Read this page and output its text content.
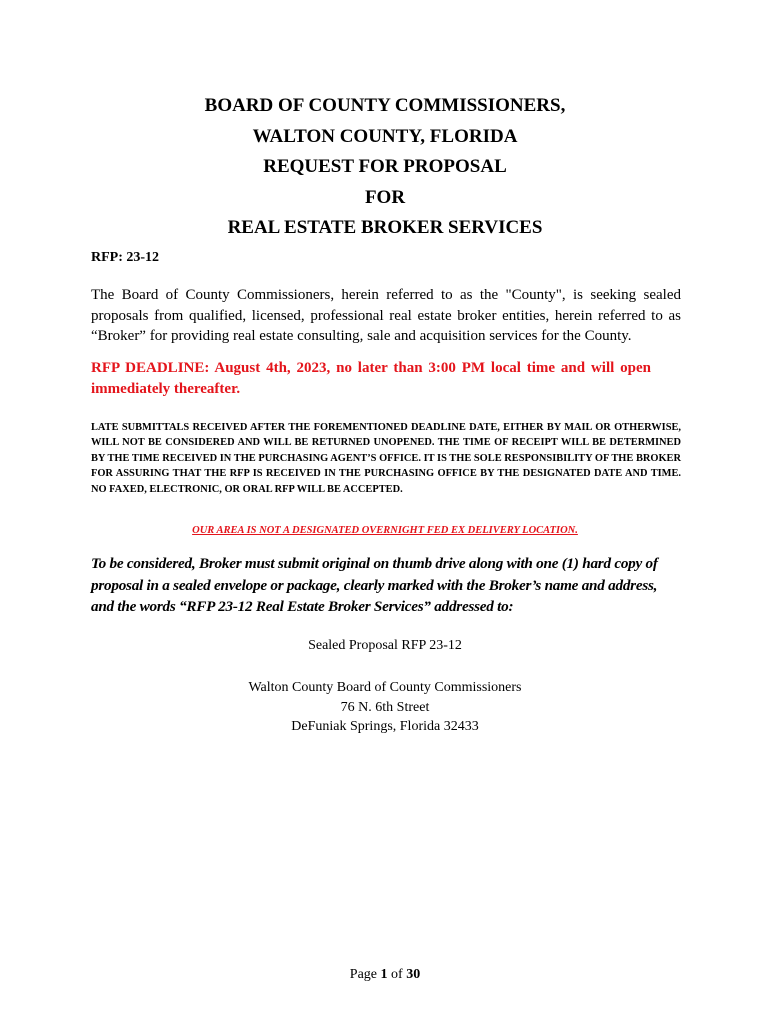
BOARD OF COUNTY COMMISSIONERS,
WALTON COUNTY, FLORIDA
REQUEST FOR PROPOSAL
FOR
REAL ESTATE BROKER SERVICES
RFP: 23-12

The Board of County Commissioners, herein referred to as the "County", is seeking sealed proposals from qualified, licensed, professional real estate broker entities, herein referred to as “Broker” for providing real estate consulting, sale and acquisition services for the County.

RFP DEADLINE: August 4th, 2023, no later than 3:00 PM local time and will open immediately thereafter.

LATE SUBMITTALS RECEIVED AFTER THE FOREMENTIONED DEADLINE DATE, EITHER BY MAIL OR OTHERWISE, WILL NOT BE CONSIDERED AND WILL BE RETURNED UNOPENED. THE TIME OF RECEIPT WILL BE DETERMINED BY THE TIME RECEIVED IN THE PURCHASING AGENT’S OFFICE. IT IS THE SOLE RESPONSIBILITY OF THE BROKER FOR ASSURING THAT THE RFP IS RECEIVED IN THE PURCHASING OFFICE BY THE DESIGNATED DATE AND TIME. NO FAXED, ELECTRONIC, OR ORAL RFP WILL BE ACCEPTED.

OUR AREA IS NOT A DESIGNATED OVERNIGHT FED EX DELIVERY LOCATION.

To be considered, Broker must submit original on thumb drive along with one (1) hard copy of proposal in a sealed envelope or package, clearly marked with the Broker’s name and address, and the words “RFP 23-12 Real Estate Broker Services” addressed to:

Sealed Proposal RFP 23-12
Walton County Board of County Commissioners
76 N. 6th Street
DeFuniak Springs, Florida 32433
Page 1 of 30
